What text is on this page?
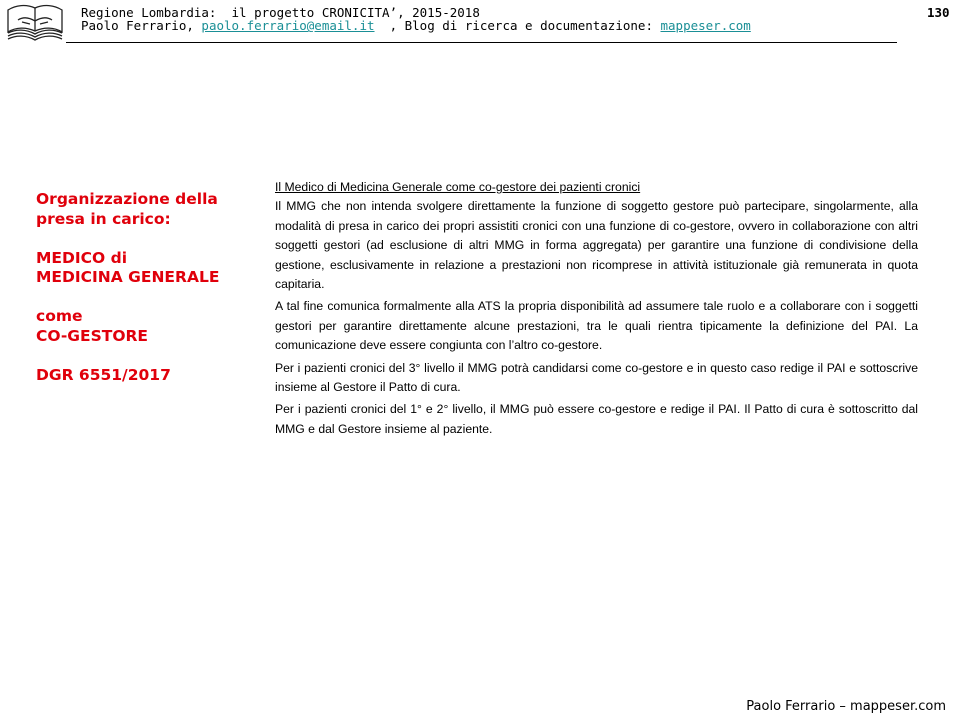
Regione Lombardia:  il progetto CRONICITA’, 2015-2018
Paolo Ferrario, paolo.ferrario@email.it  , Blog di ricerca e documentazione: mappeser.com
130

Organizzazione della

presa in carico:

MEDICO di

MEDICINA GENERALE

come

CO-GESTORE

DGR 6551/2017

Il Medico di Medicina Generale come co-gestore dei pazienti cronici

Il MMG che non intenda svolgere direttamente la funzione di soggetto gestore può partecipare, singolarmente, alla modalità di presa in carico dei propri assistiti cronici con una funzione di co-gestore, ovvero in collaborazione con altri soggetti gestori (ad esclusione di altri MMG in forma aggregata) per garantire una funzione di condivisione della gestione, esclusivamente in relazione a prestazioni non ricomprese in attività istituzionale già remunerata in quota capitaria.

A tal fine comunica formalmente alla ATS la propria disponibilità ad assumere tale ruolo e a collaborare con i soggetti gestori per garantire direttamente alcune prestazioni, tra le quali rientra tipicamente la definizione del PAI. La comunicazione deve essere congiunta con l’altro co-gestore.

Per i pazienti cronici del 3° livello il MMG potrà candidarsi come co-gestore e in questo caso redige il PAI e sottoscrive insieme al Gestore il Patto di cura.

Per i pazienti cronici del 1° e 2° livello, il MMG può essere co-gestore e redige il PAI. Il Patto di cura è sottoscritto dal MMG e dal Gestore insieme al paziente.

Paolo Ferrario – mappeser.com
